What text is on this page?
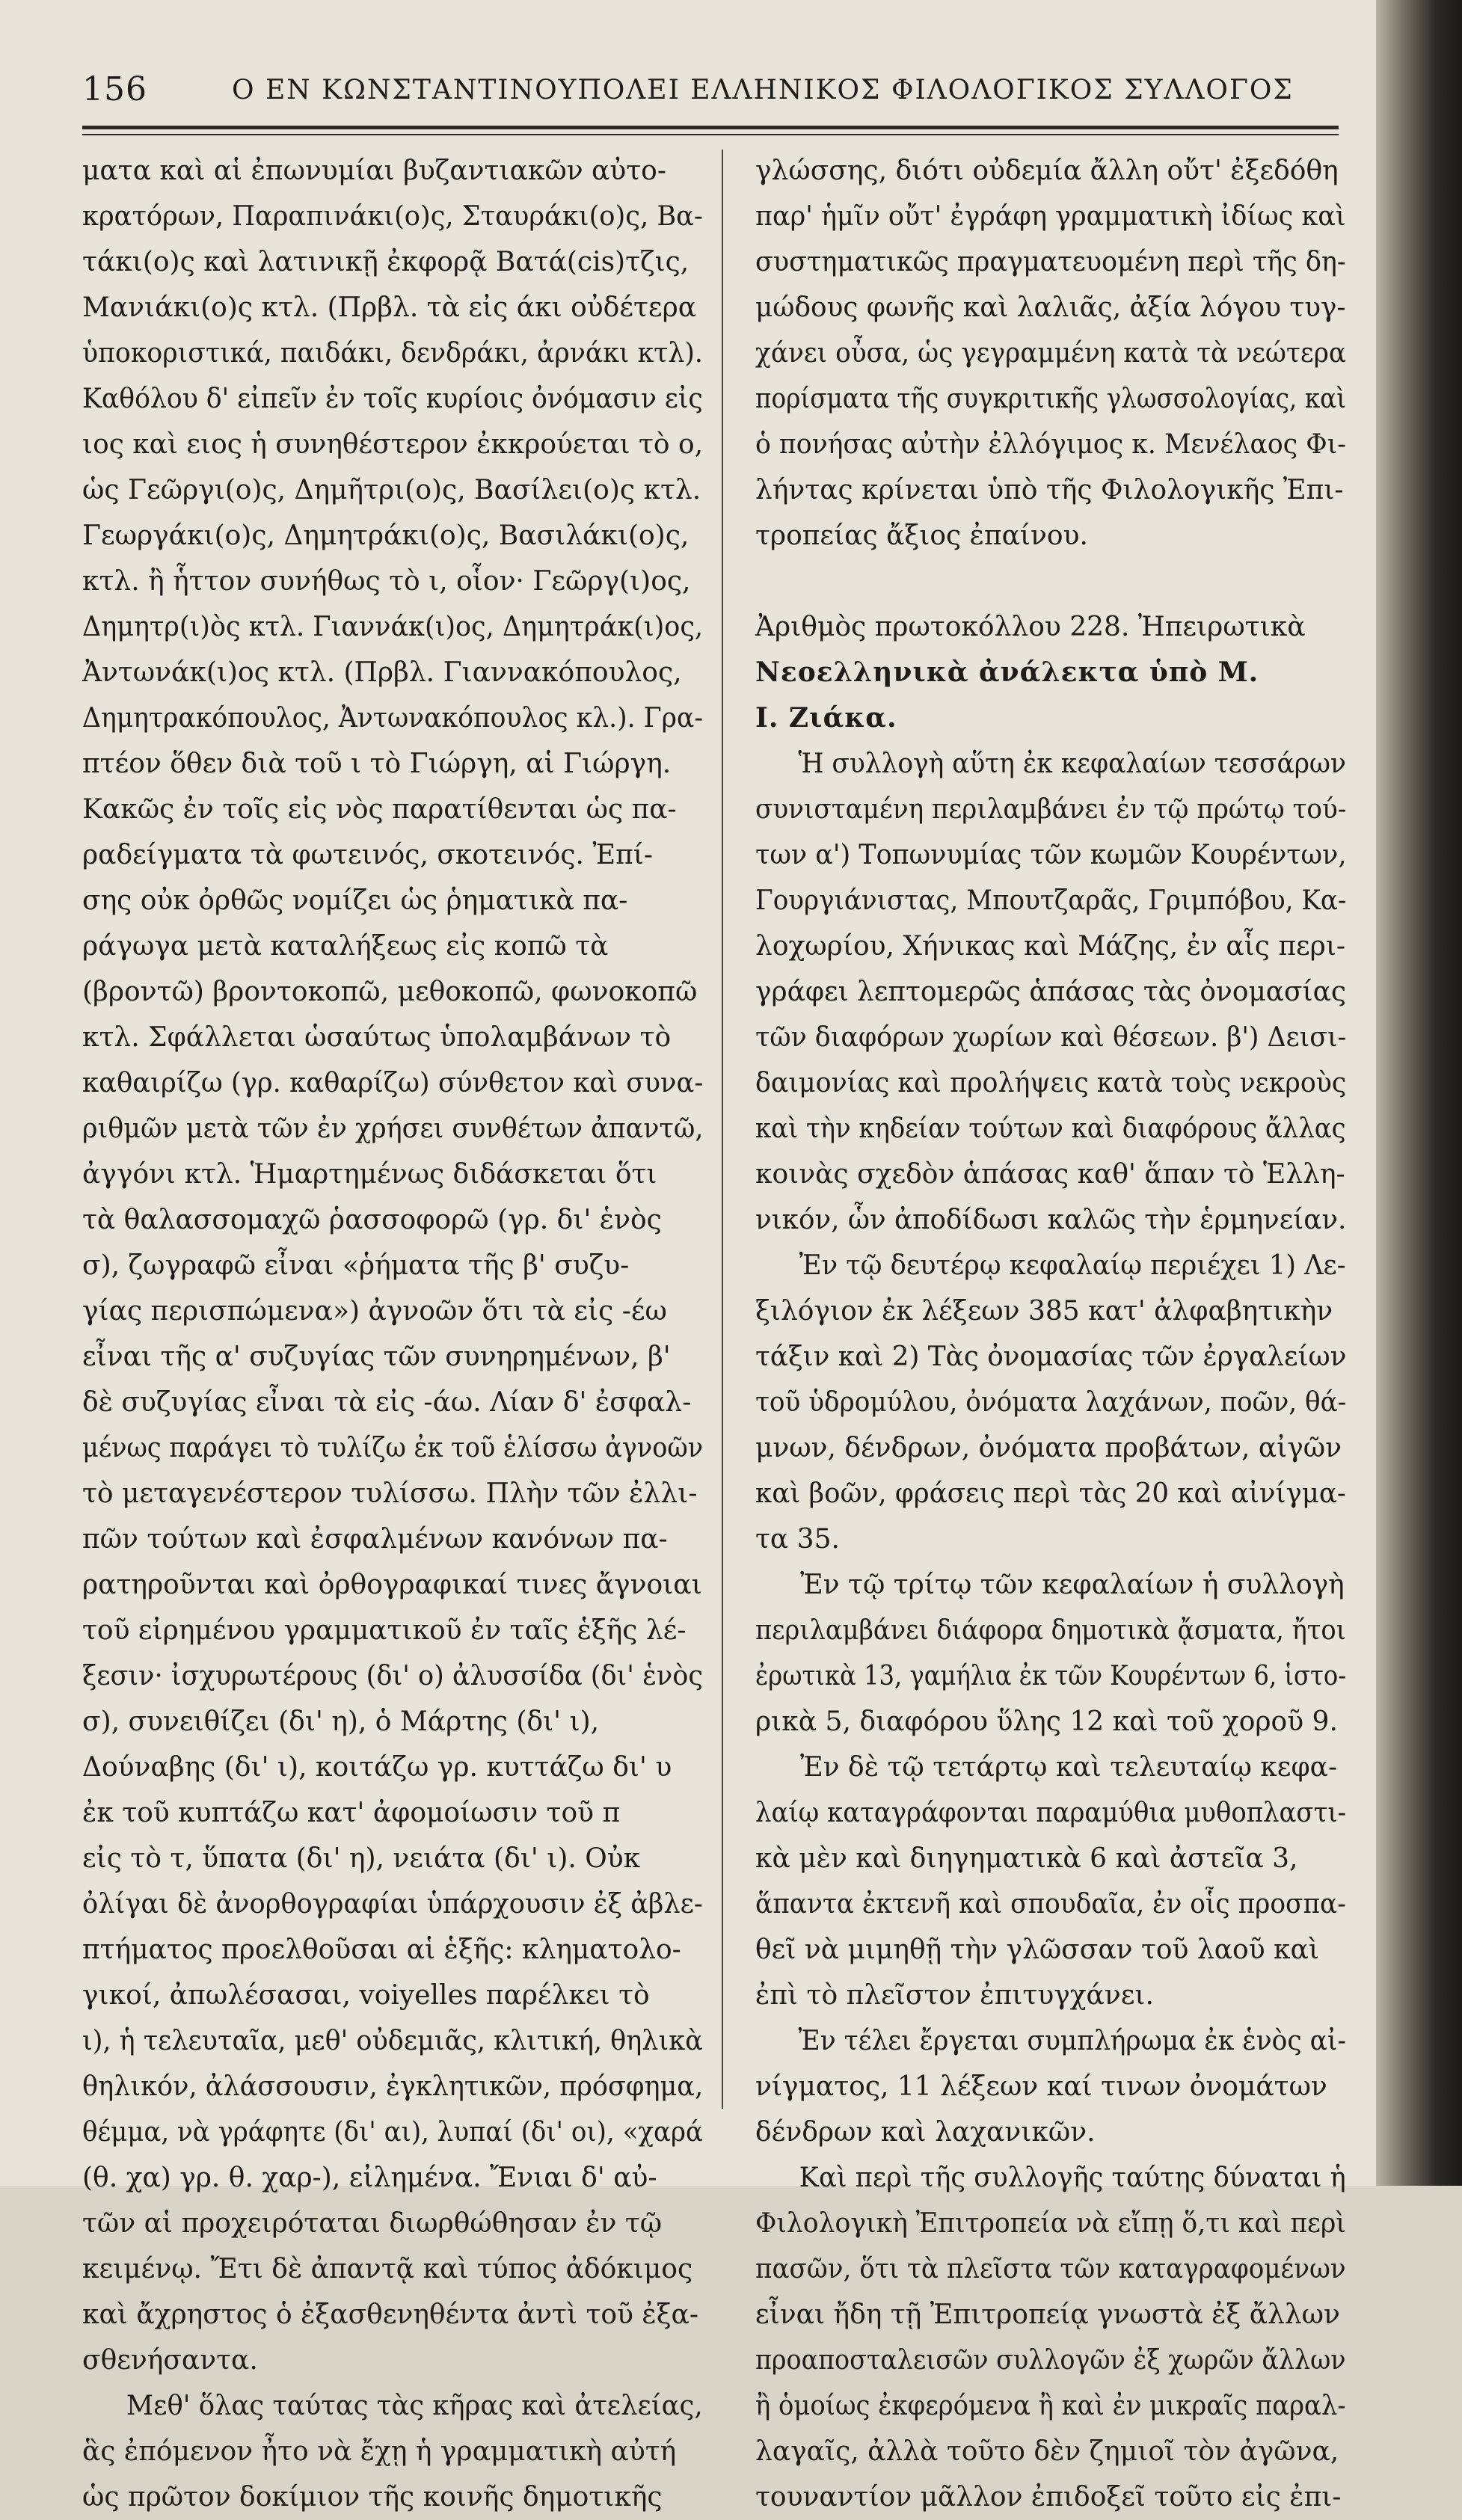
156	Ο ΕΝ ΚΩΝΣΤΑΝΤΙΝΟΥΠΟΛΕΙ ΕΛΛΗΝΙΚΟΣ ΦΙΛΟΛΟΓΙΚΟΣ ΣΥΛΛΟΓΟΣ
ματα καὶ αἱ ἐπωνυμίαι βυζαντιακῶν αὐτο-
κρατόρων, Παραπινάκι(ο)ς, Σταυράκι(ο)ς, Βα-
τάκι(ο)ς καὶ λατινικῇ ἐκφορᾷ Βατά(cis)τζις,
Μανιάκι(ο)ς κτλ. (Πρβλ. τὰ εἰς άκι οὐδέτερα
ὑποκοριστικά, παιδάκι, δενδράκι, ἀρνάκι κτλ).
Καθόλου δ' εἰπεῖν ἐν τοῖς κυρίοις ὀνόμασιν εἰς
ιος καὶ ειος ἡ συνηθέστερον ἐκκρούεται τὸ ο,
ὡς Γεῶργι(ο)ς, Δημῆτρι(ο)ς, Βασίλει(ο)ς κτλ.
Γεωργάκι(ο)ς, Δημητράκι(ο)ς, Βασιλάκι(ο)ς,
κτλ. ἢ ἧττον συνήθως τὸ ι, οἷον· Γεῶργ(ι)ος,
Δημητρ(ι)ὸς κτλ. Γιαννάκ(ι)ος, Δημητράκ(ι)ος,
Ἀντωνάκ(ι)ος κτλ. (Πρβλ. Γιαννακόπουλος,
Δημητρακόπουλος, Ἀντωνακόπουλος κλ.). Γρα-
πτέον ὅθεν διὰ τοῦ ι τὸ Γιώργη, αἱ Γιώργη.
Κακῶς ἐν τοῖς εἰς νὸς παρατίθενται ὡς πα-
ραδείγματα τὰ φωτεινός, σκοτεινός. Ἐπί-
σης οὐκ ὀρθῶς νομίζει ὡς ῥηματικὰ πα-
ράγωγα μετὰ καταλήξεως εἰς κοπῶ τὰ
(βροντῶ) βροντοκοπῶ, μεθοκοπῶ, φωνοκοπῶ
κτλ. Σφάλλεται ὡσαύτως ὑπολαμβάνων τὸ
καθαιρίζω (γρ. καθαρίζω) σύνθετον καὶ συνα-
ριθμῶν μετὰ τῶν ἐν χρήσει συνθέτων ἀπαντῶ,
ἀγγόνι κτλ. Ἡμαρτημένως διδάσκεται ὅτι
τὰ θαλασσομαχῶ ῥασσοφορῶ (γρ. δι' ἑνὸς
σ), ζωγραφῶ εἶναι «ῥήματα τῆς β' συζυ-
γίας περισπώμενα») ἀγνοῶν ὅτι τὰ εἰς -έω
εἶναι τῆς α' συζυγίας τῶν συνηρημένων, β'
δὲ συζυγίας εἶναι τὰ εἰς -άω. Λίαν δ' ἐσφαλ-
μένως παράγει τὸ τυλίζω ἐκ τοῦ ἑλίσσω ἀγνοῶν
τὸ μεταγενέστερον τυλίσσω. Πλὴν τῶν ἐλλι-
πῶν τούτων καὶ ἐσφαλμένων κανόνων πα-
ρατηροῦνται καὶ ὀρθογραφικαί τινες ἄγνοιαι
τοῦ εἰρημένου γραμματικοῦ ἐν ταῖς ἑξῆς λέ-
ξεσιν· ἰσχυρωτέρους (δι' ο) ἀλυσσίδα (δι' ἑνὸς
σ), συνειθίζει (δι' η), ὁ Μάρτης (δι' ι),
Δούναβης (δι' ι), κοιτάζω γρ. κυττάζω δι' υ
ἐκ τοῦ κυπτάζω κατ' ἀφομοίωσιν τοῦ π
εἰς τὸ τ, ὕπατα (δι' η), νειάτα (δι' ι). Οὐκ
ὀλίγαι δὲ ἀνορθογραφίαι ὑπάρχουσιν ἐξ ἀβλε-
πτήματος προελθοῦσαι αἱ ἑξῆς: κληματολο-
γικοί, ἀπωλέσασαι, voiyelles παρέλκει τὸ
ι), ἡ τελευταῖα, μεθ' οὐδεμιᾶς, κλιτική, θηλικὰ
θηλικόν, ἀλάσσουσιν, ἐγκλητικῶν, πρόσφημα,
θέμμα, νὰ γράφητε (δι' αι), λυπαί (δι' οι), «χαρά
(θ. χα) γρ. θ. χαρ-), εἰλημένα. Ἔνιαι δ' αὐ-
τῶν αἱ προχειρόταται διωρθώθησαν ἐν τῷ
κειμένῳ. Ἔτι δὲ ἀπαντᾷ καὶ τύπος ἀδόκιμος
καὶ ἄχρηστος ὁ ἐξασθενηθέντα ἀντὶ τοῦ ἐξα-
σθενήσαντα.
Μεθ' ὅλας ταύτας τὰς κῆρας καὶ ἀτελείας,
ἃς ἐπόμενον ἦτο νὰ ἔχῃ ἡ γραμματικὴ αὐτή
ὡς πρῶτον δοκίμιον τῆς κοινῆς δημοτικῆς
γλώσσης, διότι οὐδεμία ἄλλη οὔτ' ἐξεδόθη
παρ' ἡμῖν οὔτ' ἐγράφη γραμματικὴ ἰδίως καὶ
συστηματικῶς πραγματευομένη περὶ τῆς δη-
μώδους φωνῆς καὶ λαλιᾶς, ἀξία λόγου τυγ-
χάνει οὖσα, ὡς γεγραμμένη κατὰ τὰ νεώτερα
πορίσματα τῆς συγκριτικῆς γλωσσολογίας, καὶ
ὁ πονήσας αὐτὴν ἐλλόγιμος κ. Μενέλαος Φι-
λήντας κρίνεται ὑπὸ τῆς Φιλολογικῆς Ἐπι-
τροπείας ἄξιος ἐπαίνου.

Ἀριθμὸς πρωτοκόλλου 228. Ἠπειρωτικὰ
Νεοελληνικὰ ἀνάλεκτα ὑπὸ Μ.
Ι. Ζιάκα.
Ἡ συλλογὴ αὕτη ἐκ κεφαλαίων τεσσάρων
συνισταμένη περιλαμβάνει ἐν τῷ πρώτῳ τού-
των α') Τοπωνυμίας τῶν κωμῶν Κουρέντων,
Γουργιάνιστας, Μπουτζαρᾶς, Γριμπόβου, Κα-
λοχωρίου, Χήνικας καὶ Μάζης, ἐν αἷς περι-
γράφει λεπτομερῶς ἁπάσας τὰς ὀνομασίας
τῶν διαφόρων χωρίων καὶ θέσεων. β') Δεισι-
δαιμονίας καὶ προλήψεις κατὰ τοὺς νεκροὺς
καὶ τὴν κηδείαν τούτων καὶ διαφόρους ἄλλας
κοινὰς σχεδὸν ἁπάσας καθ' ἅπαν τὸ Ἑλλη-
νικόν, ὧν ἀποδίδωσι καλῶς τὴν ἑρμηνείαν.
Ἐν τῷ δευτέρῳ κεφαλαίῳ περιέχει 1) Λε-
ξιλόγιον ἐκ λέξεων 385 κατ' ἀλφαβητικὴν
τάξιν καὶ 2) Τὰς ὀνομασίας τῶν ἐργαλείων
τοῦ ὑδρομύλου, ὀνόματα λαχάνων, ποῶν, θά-
μνων, δένδρων, ὀνόματα προβάτων, αἰγῶν
καὶ βοῶν, φράσεις περὶ τὰς 20 καὶ αἰνίγμα-
τα 35.
Ἐν τῷ τρίτῳ τῶν κεφαλαίων ἡ συλλογὴ
περιλαμβάνει διάφορα δημοτικὰ ᾄσματα, ἤτοι
ἐρωτικὰ 13, γαμήλια ἐκ τῶν Κουρέντων 6, ἱστο-
ρικὰ 5, διαφόρου ὕλης 12 καὶ τοῦ χοροῦ 9.
Ἐν δὲ τῷ τετάρτῳ καὶ τελευταίῳ κεφα-
λαίῳ καταγράφονται παραμύθια μυθοπλαστι-
κὰ μὲν καὶ διηγηματικὰ 6 καὶ ἀστεῖα 3,
ἅπαντα ἐκτενῆ καὶ σπουδαῖα, ἐν οἷς προσπα-
θεῖ νὰ μιμηθῇ τὴν γλῶσσαν τοῦ λαοῦ καὶ
ἐπὶ τὸ πλεῖστον ἐπιτυγχάνει.
Ἐν τέλει ἔργεται συμπλήρωμα ἐκ ἑνὸς αἰ-
νίγματος, 11 λέξεων καί τινων ὀνομάτων
δένδρων καὶ λαχανικῶν.
Καὶ περὶ τῆς συλλογῆς ταύτης δύναται ἡ
Φιλολογικὴ Ἐπιτροπεία νὰ εἴπῃ ὅ,τι καὶ περὶ
πασῶν, ὅτι τὰ πλεῖστα τῶν καταγραφομένων
εἶναι ἤδη τῇ Ἐπιτροπείᾳ γνωστὰ ἐξ ἄλλων
προαποσταλεισῶν συλλογῶν ἐξ χωρῶν ἄλλων
ἢ ὁμοίως ἐκφερόμενα ἢ καὶ ἐν μικραῖς παραλ-
λαγαῖς, ἀλλὰ τοῦτο δὲν ζημιοῖ τὸν ἀγῶνα,
τουναντίον μᾶλλον ἐπιδοξεῖ τοῦτο εἰς ἐπι-
